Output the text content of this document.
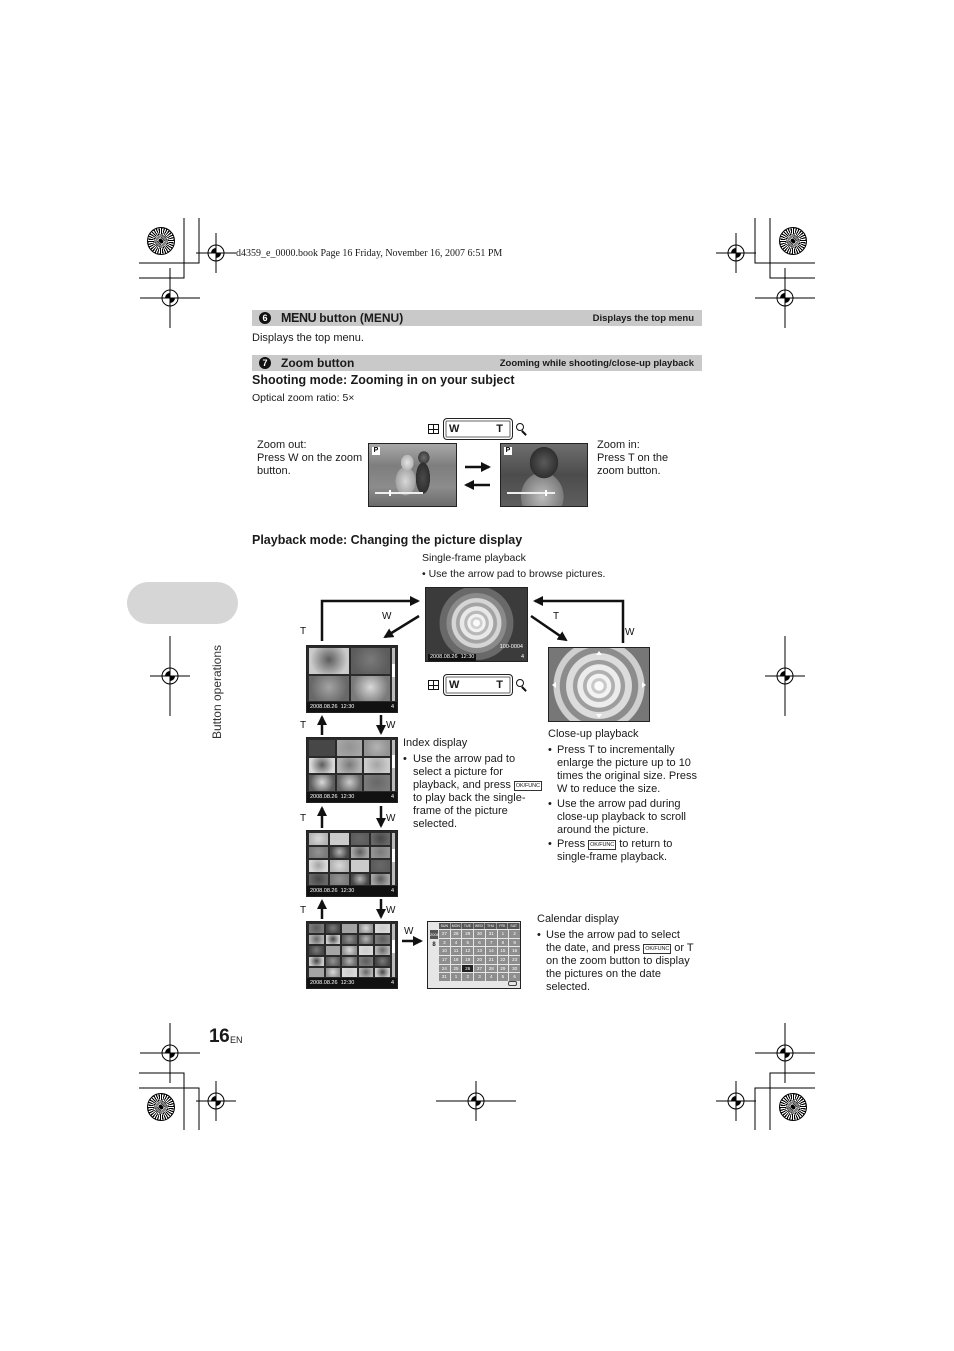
d4359_e_0000.book Page 16 Friday, November 16, 2007 6:51 PM
Button operations
6 MENU button (MENU)	Displays the top menu
Displays the top menu.
7 Zoom button	Zooming while shooting/close-up playback
Shooting mode: Zooming in on your subject
Optical zoom ratio: 5×
W	T
Zoom out:
Press W on the zoom
button.
Zoom in:
Press T on the
zoom button.
P	P
Playback mode: Changing the picture display
Single-frame playback
• Use the arrow pad to browse pictures.
100-0004
2008.08.26 12:30	4
W	T
W
T
T
W
T	W
T	W
T	W
W
2008.08.26 12:30	4
2008.08.26 12:30	4
2008.08.26 12:30	4
2008.08.26 12:30	4
2008
8
SUN	MON	TUE	WED	THU	FRI	SAT
27	28	29	30	31	1	2
3	4	5	6	7	8	9
10	11	12	13	14	15	16
17	18	19	20	21	22	23
24	25	26	27	28	29	30
31	1	2	3	4	5	6
Index display
• Use the arrow pad to
select a picture for
playback, and press OK/FUNC
to play back the single-
frame of the picture
selected.
Close-up playback
• Press T to incrementally
enlarge the picture up to 10
times the original size. Press
W to reduce the size.
• Use the arrow pad during
close-up playback to scroll
around the picture.
• Press OK/FUNC to return to
single-frame playback.
Calendar display
• Use the arrow pad to select
the date, and press OK/FUNC or T
on the zoom button to display
the pictures on the date
selected.
16 EN
